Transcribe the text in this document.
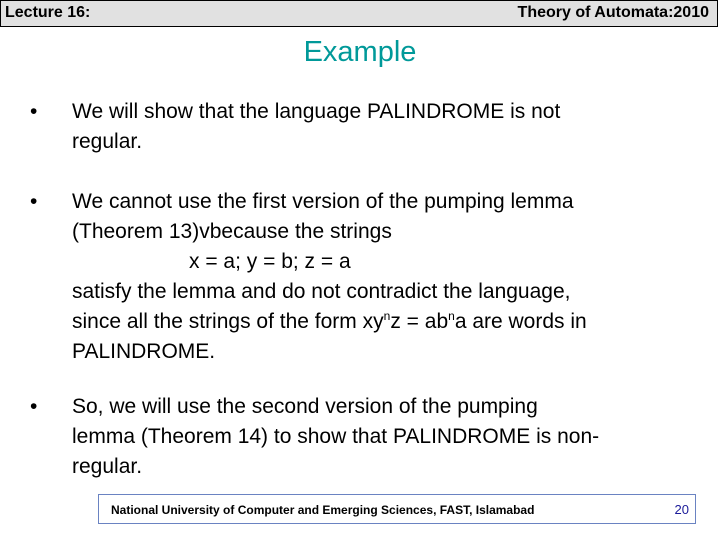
Lecture 16:	Theory of Automata:2010
Example
• We will show that the language PALINDROME is not
regular.
• We cannot use the first version of the pumping lemma
(Theorem 13)vbecause the strings
x = a; y = b; z = a
satisfy the lemma and do not contradict the language,
since all the strings of the form $xy^nz = ab^na$ are words in
PALINDROME.
• So, we will use the second version of the pumping
lemma (Theorem 14) to show that PALINDROME is non-
regular.
National University of Computer and Emerging Sciences, FAST, Islamabad	20
